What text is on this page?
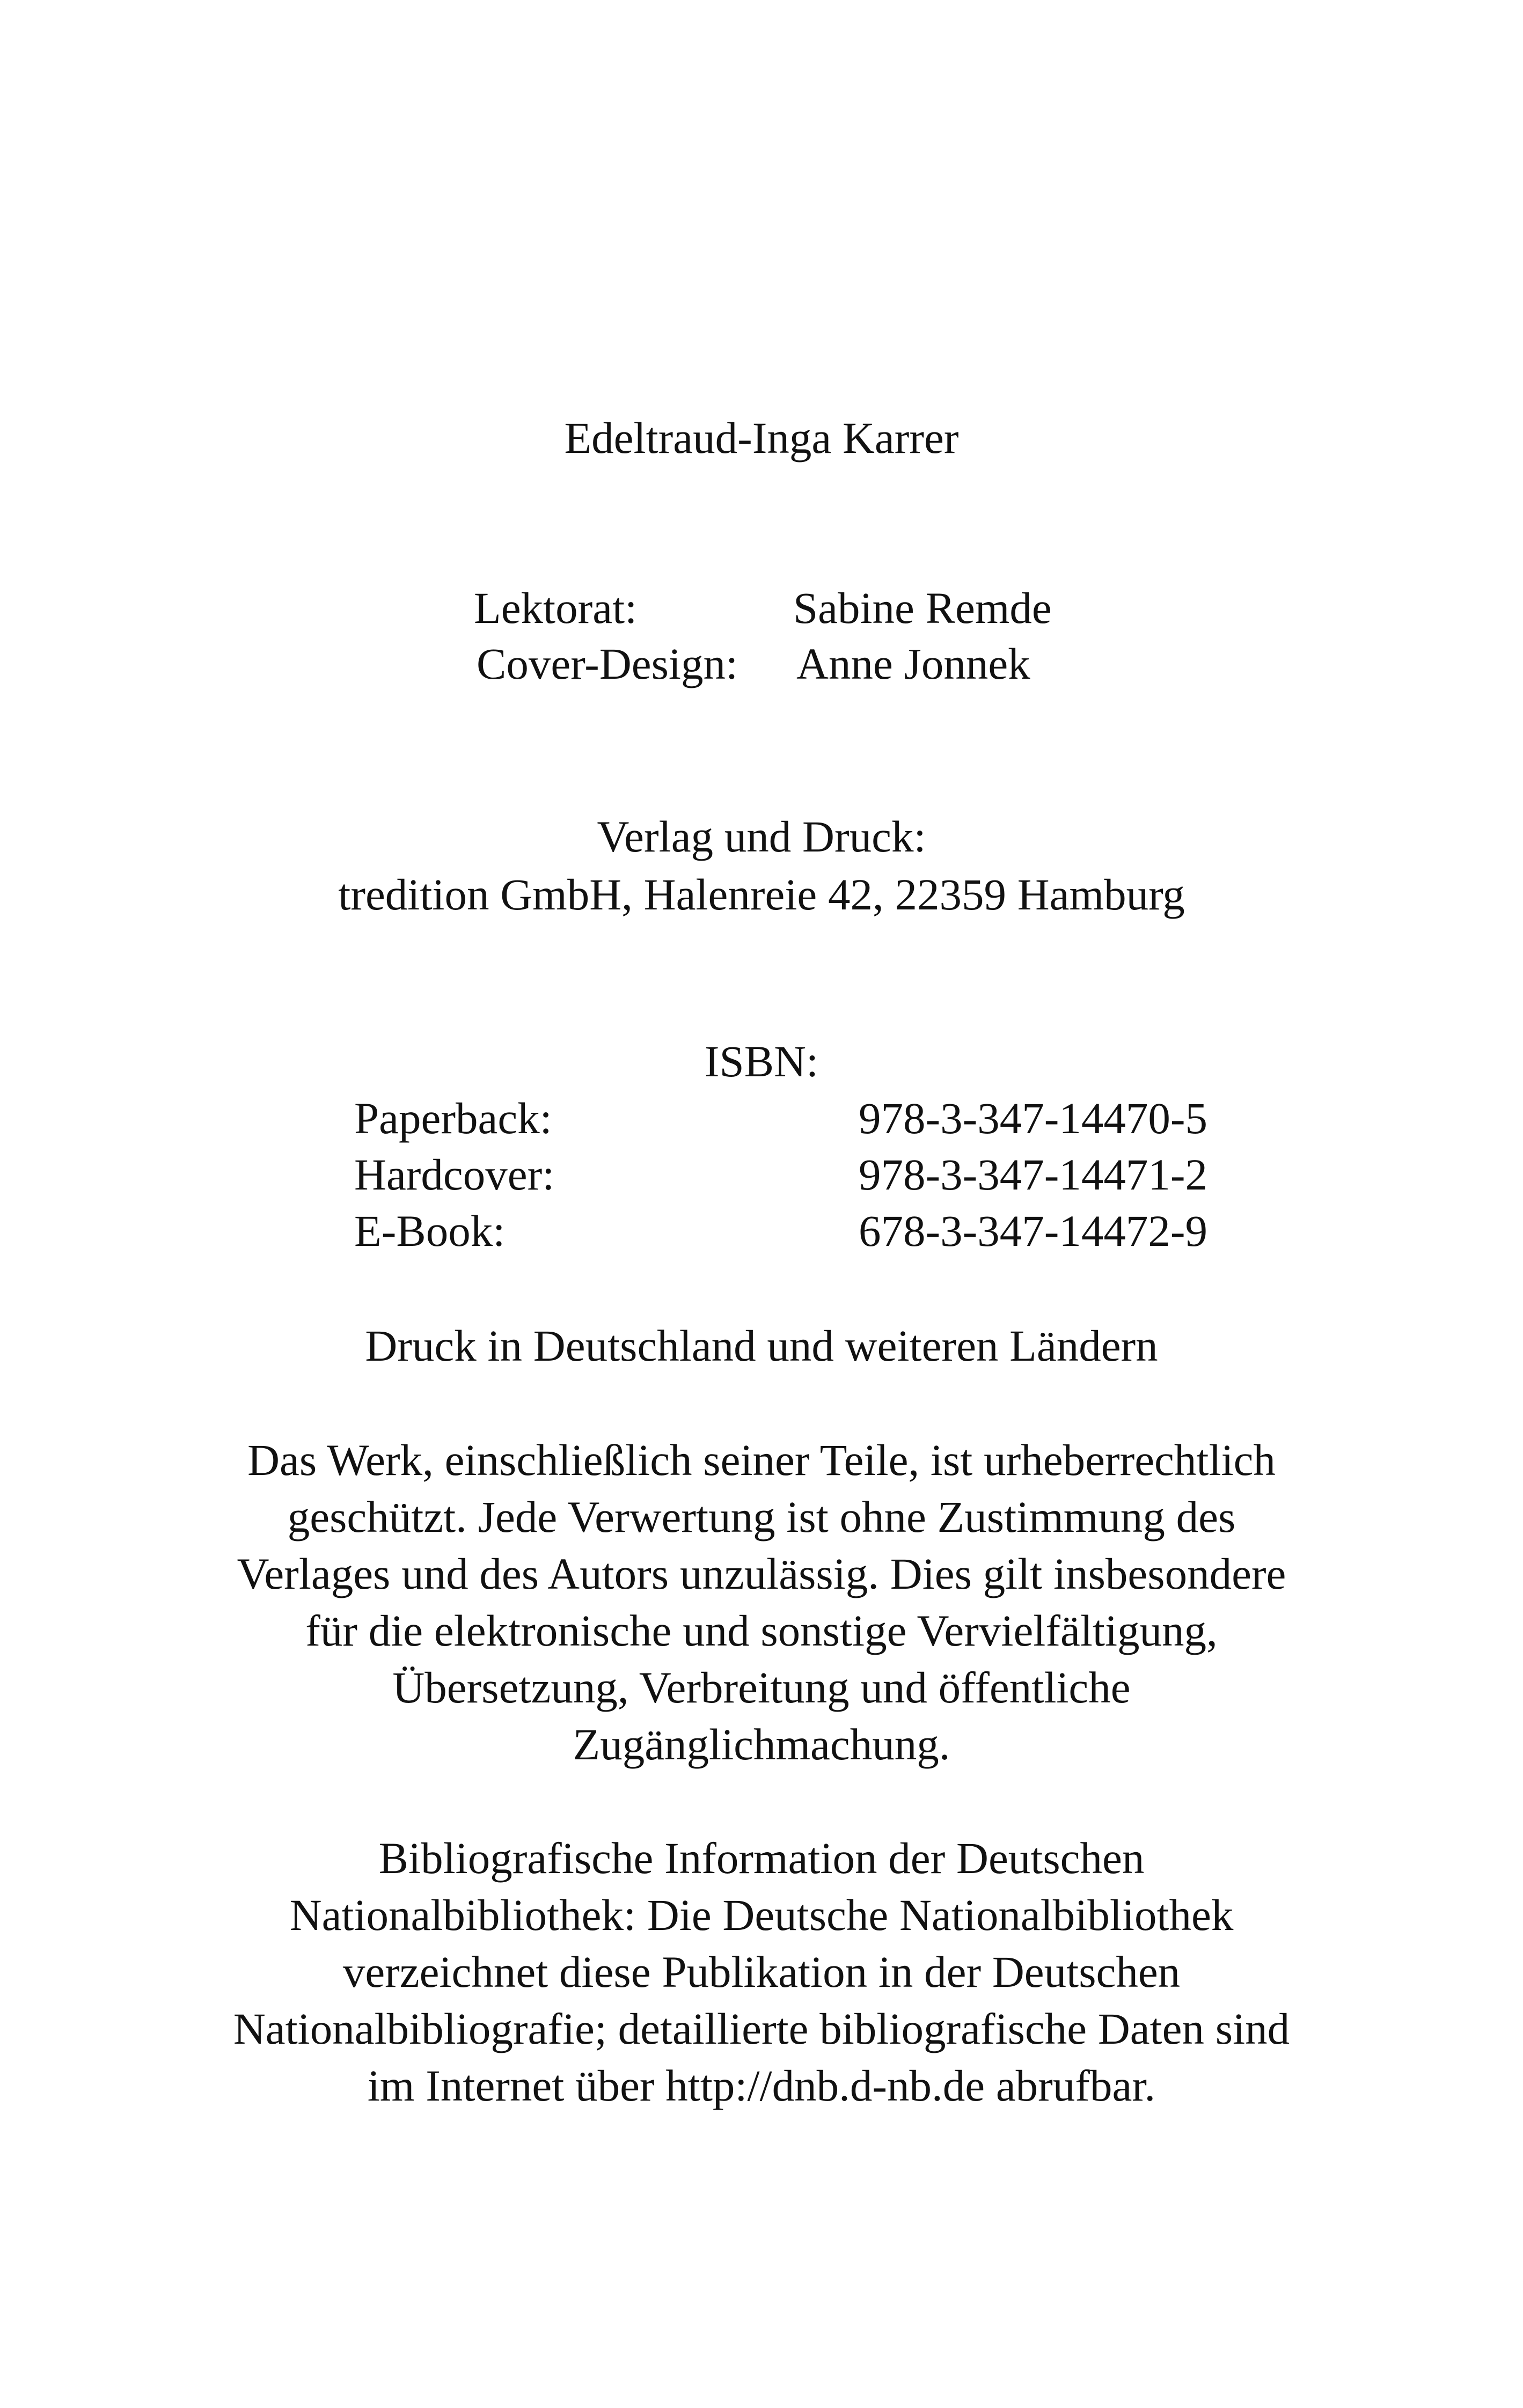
Edeltraud-Inga Karrer
Lektorat:	Sabine Remde
Cover-Design: Anne Jonnek
Verlag und Druck:
tredition GmbH, Halenreie 42, 22359 Hamburg
ISBN:
Paperback:	978-3-347-14470-5
Hardcover:	978-3-347-14471-2
E-Book:	678-3-347-14472-9
Druck in Deutschland und weiteren Ländern
Das Werk, einschließlich seiner Teile, ist urheberrechtlich
geschützt. Jede Verwertung ist ohne Zustimmung des
Verlages und des Autors unzulässig. Dies gilt insbesondere
für die elektronische und sonstige Vervielfältigung,
Übersetzung, Verbreitung und öffentliche
Zugänglichmachung.
Bibliografische Information der Deutschen
Nationalbibliothek: Die Deutsche Nationalbibliothek
verzeichnet diese Publikation in der Deutschen
Nationalbibliografie; detaillierte bibliografische Daten sind
im Internet über http://dnb.d-nb.de abrufbar.
